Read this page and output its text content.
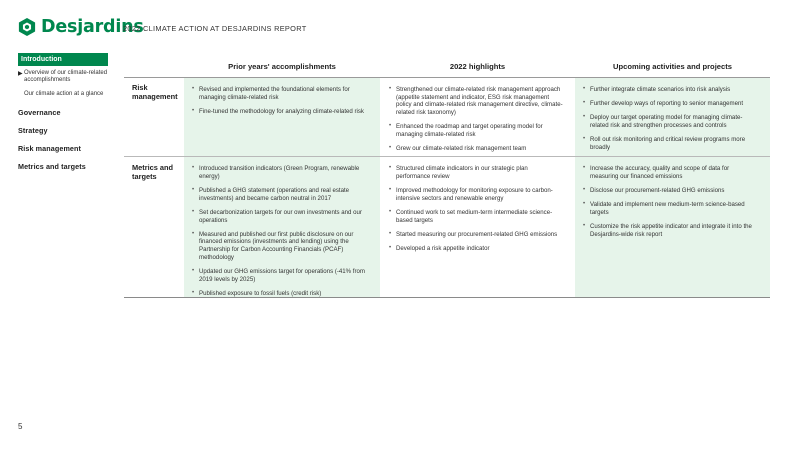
Desjardins
2022 CLIMATE ACTION AT DESJARDINS REPORT
Introduction
▶ Overview of our climate-related accomplishments
Our climate action at a glance
Governance
Strategy
Risk management
Metrics and targets
Prior years' accomplishments	2022 highlights	Upcoming activities and projects
Risk management
• Revised and implemented the foundational elements for managing climate-related risk
• Fine-tuned the methodology for analyzing climate-related risk
• Strengthened our climate-related risk management approach (appetite statement and indicator, ESG risk management policy and climate-related risk management directive, climate-related risk taxonomy)
• Enhanced the roadmap and target operating model for managing climate-related risk
• Grew our climate-related risk management team
• Further integrate climate scenarios into risk analysis
• Further develop ways of reporting to senior management
• Deploy our target operating model for managing climate-related risk and strengthen processes and controls
• Roll out risk monitoring and critical review programs more broadly
Metrics and targets
• Introduced transition indicators (Green Program, renewable energy)
• Published a GHG statement (operations and real estate investments) and became carbon neutral in 2017
• Set decarbonization targets for our own investments and our operations
• Measured and published our first public disclosure on our financed emissions (investments and lending) using the Partnership for Carbon Accounting Financials (PCAF) methodology
• Updated our GHG emissions target for operations (-41% from 2019 levels by 2025)
• Published exposure to fossil fuels (credit risk)
• Structured climate indicators in our strategic plan performance review
• Improved methodology for monitoring exposure to carbon-intensive sectors and renewable energy
• Continued work to set medium-term intermediate science-based targets
• Started measuring our procurement-related GHG emissions
• Developed a risk appetite indicator
• Increase the accuracy, quality and scope of data for measuring our financed emissions
• Disclose our procurement-related GHG emissions
• Validate and implement new medium-term science-based targets
• Customize the risk appetite indicator and integrate it into the Desjardins-wide risk report
5
